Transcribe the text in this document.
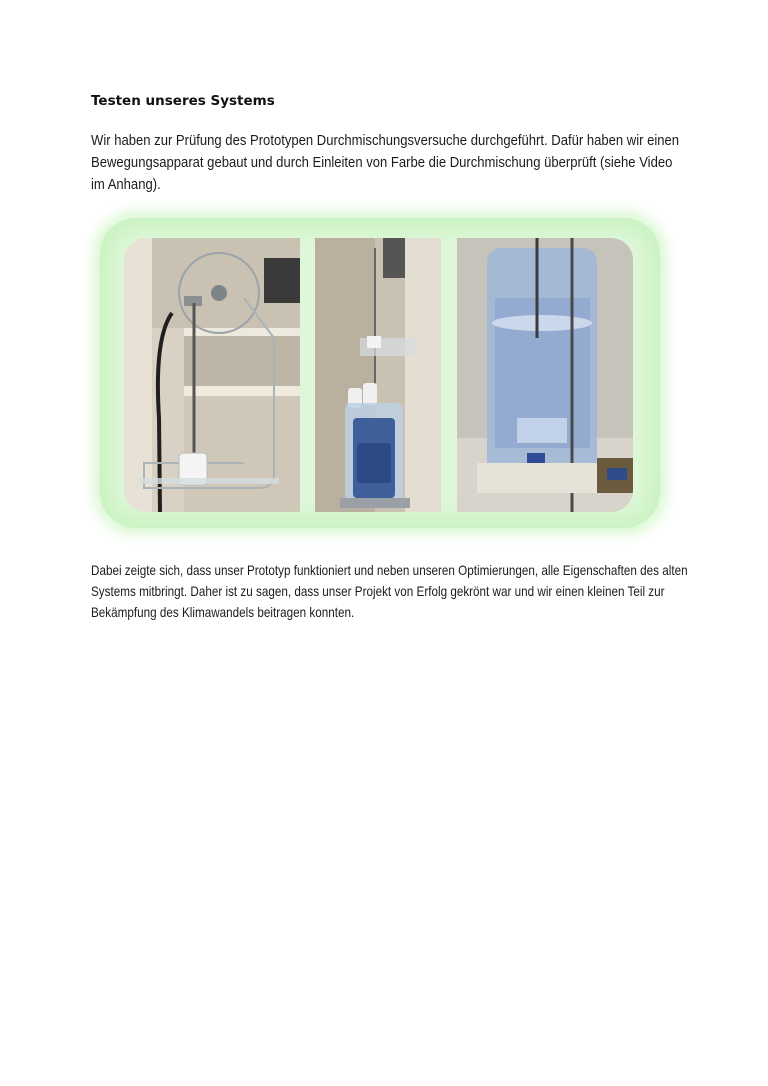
Testen unseres Systems
Wir haben zur Prüfung des Prototypen Durchmischungsversuche durchgeführt. Dafür haben wir einen Bewegungsapparat gebaut und durch Einleiten von Farbe die Durchmischung überprüft (siehe Video im Anhang).
Dabei zeigte sich, dass unser Prototyp funktioniert und neben unseren Optimierungen, alle Eigenschaften des alten Systems mitbringt. Daher ist zu sagen, dass unser Projekt von Erfolg gekrönt war und wir einen kleinen Teil zur Bekämpfung des Klimawandels beitragen konnten.
